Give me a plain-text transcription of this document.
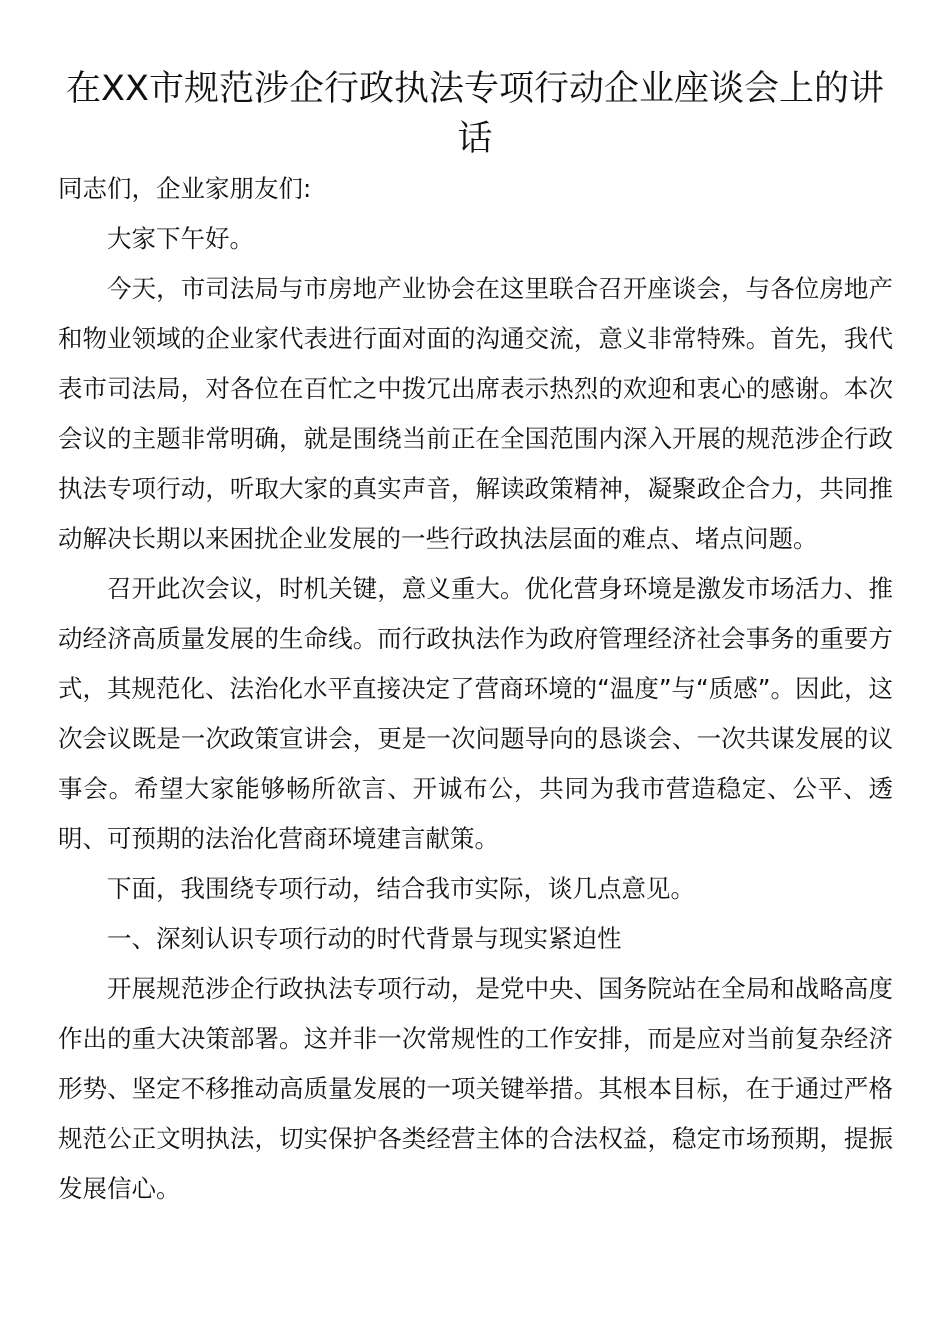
在XX市规范涉企行政执法专项行动企业座谈会上的讲话

同志们，企业家朋友们:

大家下午好。

今天，市司法局与市房地产业协会在这里联合召开座谈会，与各位房地产和物业领域的企业家代表进行面对面的沟通交流，意义非常特殊。首先，我代表市司法局，对各位在百忙之中拨冗出席表示热烈的欢迎和衷心的感谢。本次会议的主题非常明确，就是围绕当前正在全国范围内深入开展的规范涉企行政执法专项行动，听取大家的真实声音，解读政策精神，凝聚政企合力，共同推动解决长期以来困扰企业发展的一些行政执法层面的难点、堵点问题。

召开此次会议，时机关键，意义重大。优化营身环境是激发市场活力、推动经济高质量发展的生命线。而行政执法作为政府管理经济社会事务的重要方式，其规范化、法治化水平直接决定了营商环境的“温度”与“质感”。因此，这次会议既是一次政策宣讲会，更是一次问题导向的恳谈会、一次共谋发展的议事会。希望大家能够畅所欲言、开诚布公，共同为我市营造稳定、公平、透明、可预期的法治化营商环境建言献策。

下面，我围绕专项行动，结合我市实际，谈几点意见。

一、深刻认识专项行动的时代背景与现实紧迫性

开展规范涉企行政执法专项行动，是党中央、国务院站在全局和战略高度作出的重大决策部署。这并非一次常规性的工作安排，而是应对当前复杂经济形势、坚定不移推动高质量发展的一项关键举措。其根本目标，在于通过严格规范公正文明执法，切实保护各类经营主体的合法权益，稳定市场预期，提振发展信心。
